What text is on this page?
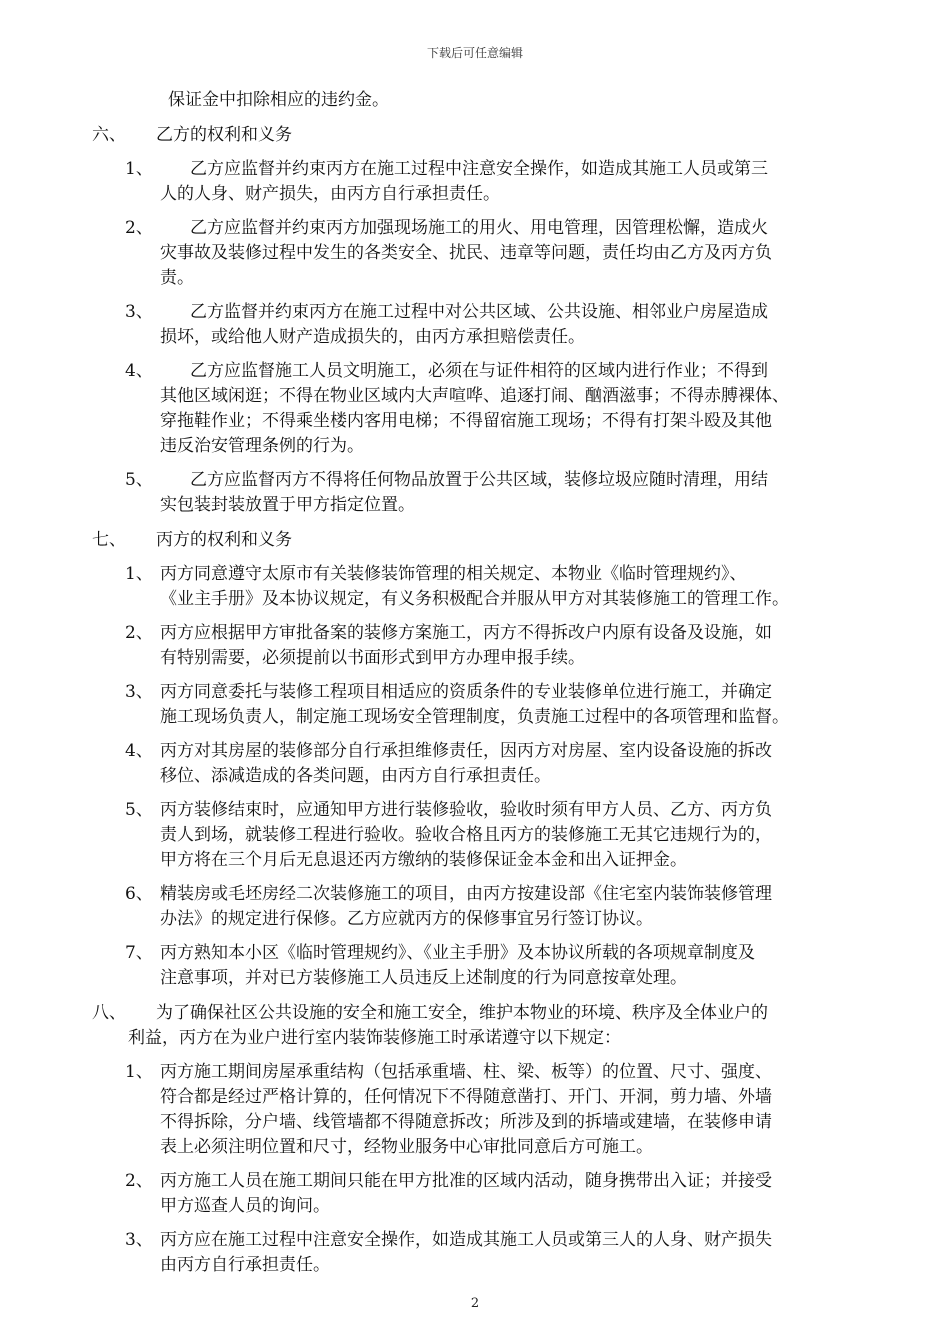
下载后可任意编辑
保证金中扣除相应的违约金。
六、 乙方的权利和义务
1、	乙方应监督并约束丙方在施工过程中注意安全操作，如造成其施工人员或第三
人的人身、财产损失，由丙方自行承担责任。
2、	乙方应监督并约束丙方加强现场施工的用火、用电管理，因管理松懈，造成火
灾事故及装修过程中发生的各类安全、扰民、违章等问题，责任均由乙方及丙方负
责。
3、	乙方监督并约束丙方在施工过程中对公共区域、公共设施、相邻业户房屋造成
损坏，或给他人财产造成损失的，由丙方承担赔偿责任。
4、	乙方应监督施工人员文明施工，必须在与证件相符的区域内进行作业；不得到
其他区域闲逛；不得在物业区域内大声喧哗、追逐打闹、酗酒滋事；不得赤膊裸体、
穿拖鞋作业；不得乘坐楼内客用电梯；不得留宿施工现场；不得有打架斗殴及其他
违反治安管理条例的行为。
5、	乙方应监督丙方不得将任何物品放置于公共区域，装修垃圾应随时清理，用结
实包装封装放置于甲方指定位置。
七、 丙方的权利和义务
1、 丙方同意遵守太原市有关装修装饰管理的相关规定、本物业《临时管理规约》、
《业主手册》及本协议规定，有义务积极配合并服从甲方对其装修施工的管理工作。
2、 丙方应根据甲方审批备案的装修方案施工，丙方不得拆改户内原有设备及设施，如
有特别需要，必须提前以书面形式到甲方办理申报手续。
3、 丙方同意委托与装修工程项目相适应的资质条件的专业装修单位进行施工，并确定
施工现场负责人，制定施工现场安全管理制度，负责施工过程中的各项管理和监督。
4、 丙方对其房屋的装修部分自行承担维修责任，因丙方对房屋、室内设备设施的拆改
移位、添减造成的各类问题，由丙方自行承担责任。
5、 丙方装修结束时，应通知甲方进行装修验收，验收时须有甲方人员、乙方、丙方负
责人到场，就装修工程进行验收。验收合格且丙方的装修施工无其它违规行为的，
甲方将在三个月后无息退还丙方缴纳的装修保证金本金和出入证押金。
6、 精装房或毛坯房经二次装修施工的项目，由丙方按建设部《住宅室内装饰装修管理
办法》的规定进行保修。乙方应就丙方的保修事宜另行签订协议。
7、 丙方熟知本小区《临时管理规约》、《业主手册》及本协议所载的各项规章制度及
注意事项，并对已方装修施工人员违反上述制度的行为同意按章处理。
八、 为了确保社区公共设施的安全和施工安全，维护本物业的环境、秩序及全体业户的
利益，丙方在为业户进行室内装饰装修施工时承诺遵守以下规定：
1、 丙方施工期间房屋承重结构（包括承重墙、柱、梁、板等）的位置、尺寸、强度、
符合都是经过严格计算的，任何情况下不得随意凿打、开门、开洞，剪力墙、外墙
不得拆除，分户墙、线管墙都不得随意拆改；所涉及到的拆墙或建墙，在装修申请
表上必须注明位置和尺寸，经物业服务中心审批同意后方可施工。
2、 丙方施工人员在施工期间只能在甲方批准的区域内活动，随身携带出入证；并接受
甲方巡查人员的询问。
3、 丙方应在施工过程中注意安全操作，如造成其施工人员或第三人的人身、财产损失
由丙方自行承担责任。
2
